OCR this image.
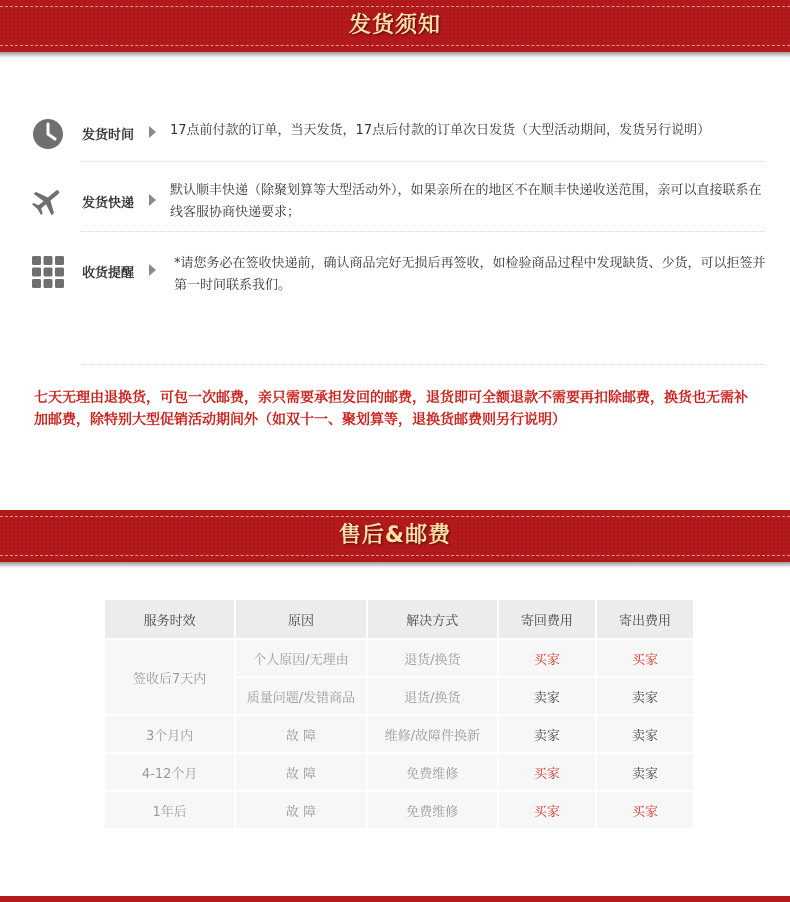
发货须知
发货时间	17点前付款的订单，当天发货，17点后付款的订单次日发货（大型活动期间，发货另行说明）
发货快递
默认顺丰快递（除聚划算等大型活动外），如果亲所在的地区不在顺丰快递收送范围，亲可以直接联系在线客服协商快递要求；
收货提醒
*请您务必在签收快递前，确认商品完好无损后再签收，如检验商品过程中发现缺货、少货，可以拒签并第一时间联系我们。
七天无理由退换货，可包一次邮费，亲只需要承担发回的邮费，退货即可全额退款不需要再扣除邮费，换货也无需补加邮费，除特别大型促销活动期间外（如双十一、聚划算等，退换货邮费则另行说明）
售后&邮费
服务时效	原因	解决方式	寄回费用	寄出费用
签收后7天内	个人原因/无理由	退货/换货	买家	买家
	质量问题/发错商品	退货/换货	卖家	卖家
3个月内	故 障	维修/故障件换新	卖家	卖家
4-12个月	故 障	免费维修	买家	卖家
1年后	故 障	免费维修	买家	买家
